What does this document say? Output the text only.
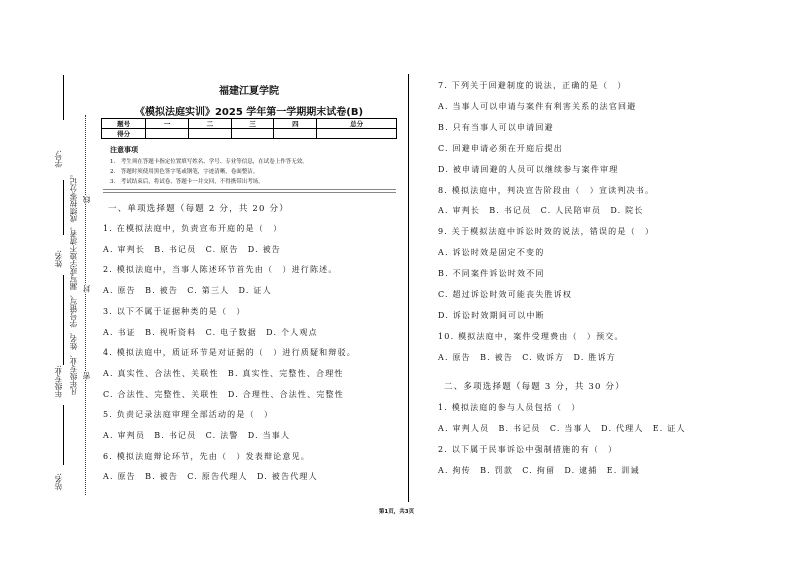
学号:
姓名:
年级专业:
站名:
凡年级专业、姓名、学号错写、漏写或字迹不清者，成绩按零分记。 密
封
线
福建江夏学院
《模拟法庭实训》2025 学年第一学期期末试卷(B)
题号	一	二	三	四	总分
得分					
注意事项
1.　考生须在答题卡指定位置填写姓名、学号、专业等信息，在试卷上作答无效。
2.　答题时须使用黑色签字笔或钢笔，字迹清晰，卷面整洁。
3.　考试结束后，将试卷、答题卡一并交回，不得携带出考场。
一、单项选择题（每题 2 分，共 20 分）
1. 在模拟法庭中，负责宣布开庭的是（　）
A. 审判长　B. 书记员　C. 原告　D. 被告
2. 模拟法庭中，当事人陈述环节首先由（　）进行陈述。
A. 原告　B. 被告　C. 第三人　D. 证人
3. 以下不属于证据种类的是（　）
A. 书证　B. 视听资料　C. 电子数据　D. 个人观点
4. 模拟法庭中，质证环节是对证据的（　）进行质疑和辩驳。
A. 真实性、合法性、关联性　B. 真实性、完整性、合理性
C. 合法性、完整性、关联性　D. 合理性、合法性、完整性
5. 负责记录法庭审理全部活动的是（　）
A. 审判员　B. 书记员　C. 法警　D. 当事人
6. 模拟法庭辩论环节，先由（　）发表辩论意见。
A. 原告　B. 被告　C. 原告代理人　D. 被告代理人
7. 下列关于回避制度的说法，正确的是（　）
A. 当事人可以申请与案件有利害关系的法官回避
B. 只有当事人可以申请回避
C. 回避申请必须在开庭后提出
D. 被申请回避的人员可以继续参与案件审理
8. 模拟法庭中，判决宣告阶段由（　）宣读判决书。
A. 审判长　B. 书记员　C. 人民陪审员　D. 院长
9. 关于模拟法庭中诉讼时效的说法，错误的是（　）
A. 诉讼时效是固定不变的
B. 不同案件诉讼时效不同
C. 超过诉讼时效可能丧失胜诉权
D. 诉讼时效期间可以中断
10. 模拟法庭中，案件受理费由（　）预交。
A. 原告　B. 被告　C. 败诉方　D. 胜诉方
二、多项选择题（每题 3 分，共 30 分）
1. 模拟法庭的参与人员包括（　）
A. 审判人员　B. 书记员　C. 当事人　D. 代理人　E. 证人
2. 以下属于民事诉讼中强制措施的有（　）
A. 拘传　B. 罚款　C. 拘留　D. 逮捕　E. 训诫
第1页，共3页
